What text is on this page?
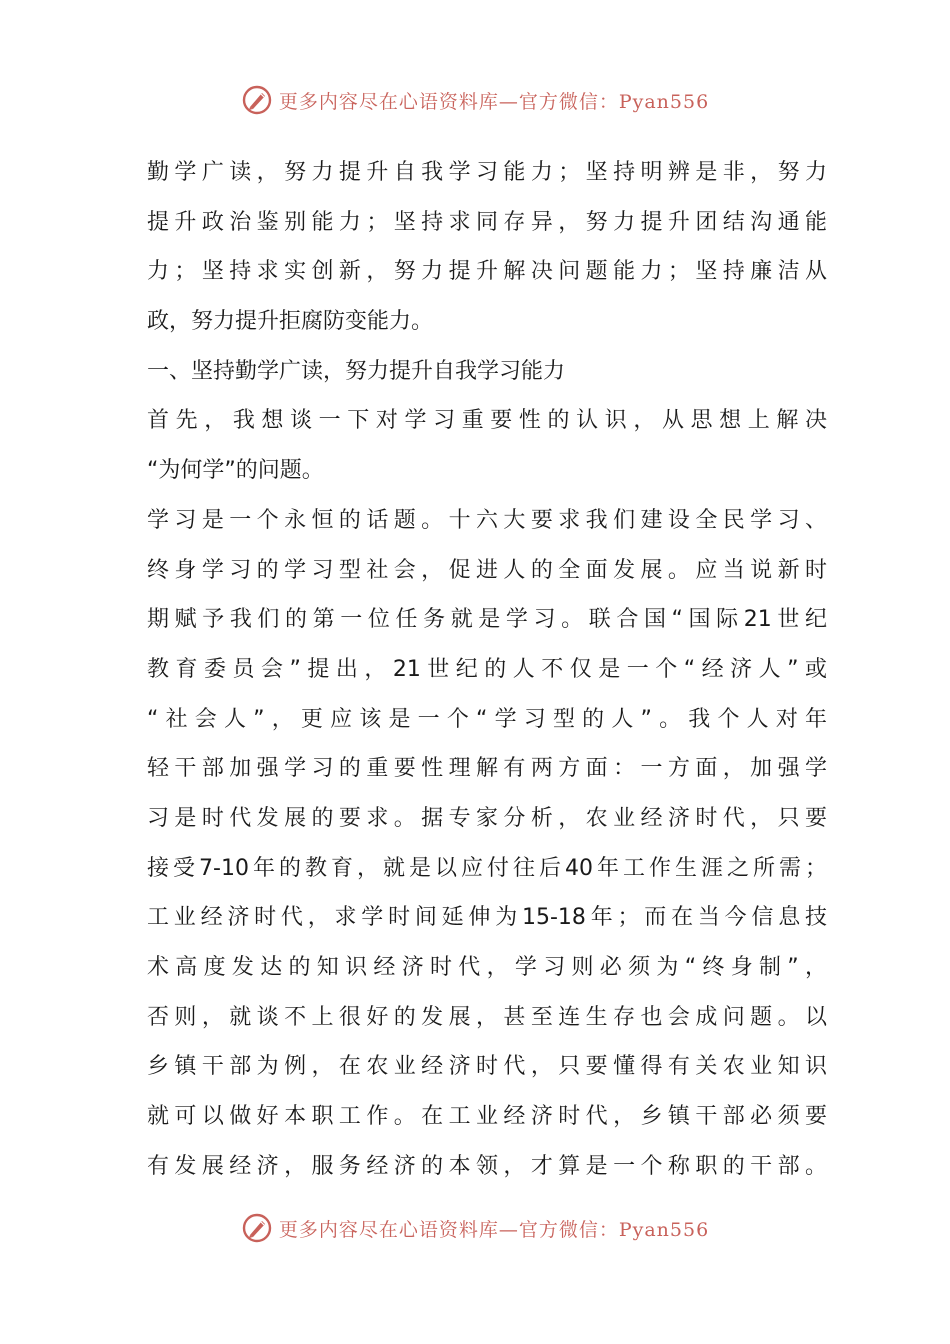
更多内容尽在心语资料库—官方微信：Pyan556
勤学广读，努力提升自我学习能力；坚持明辨是非，努力
提升政治鉴别能力；坚持求同存异，努力提升团结沟通能
力；坚持求实创新，努力提升解决问题能力；坚持廉洁从
政，努力提升拒腐防变能力。
一、坚持勤学广读，努力提升自我学习能力
首先，我想谈一下对学习重要性的认识，从思想上解决
“为何学”的问题。
学习是一个永恒的话题。十六大要求我们建设全民学习、
终身学习的学习型社会，促进人的全面发展。应当说新时
期赋予我们的第一位任务就是学习。联合国“国际21世纪
教育委员会”提出，21世纪的人不仅是一个“经济人”或
“社会人”，更应该是一个“学习型的人”。我个人对年
轻干部加强学习的重要性理解有两方面：一方面，加强学
习是时代发展的要求。据专家分析，农业经济时代，只要
接受7-10年的教育，就是以应付往后40年工作生涯之所需；
工业经济时代，求学时间延伸为15-18年；而在当今信息技
术高度发达的知识经济时代，学习则必须为“终身制”，
否则，就谈不上很好的发展，甚至连生存也会成问题。以
乡镇干部为例，在农业经济时代，只要懂得有关农业知识
就可以做好本职工作。在工业经济时代，乡镇干部必须要
有发展经济，服务经济的本领，才算是一个称职的干部。
更多内容尽在心语资料库—官方微信：Pyan556
